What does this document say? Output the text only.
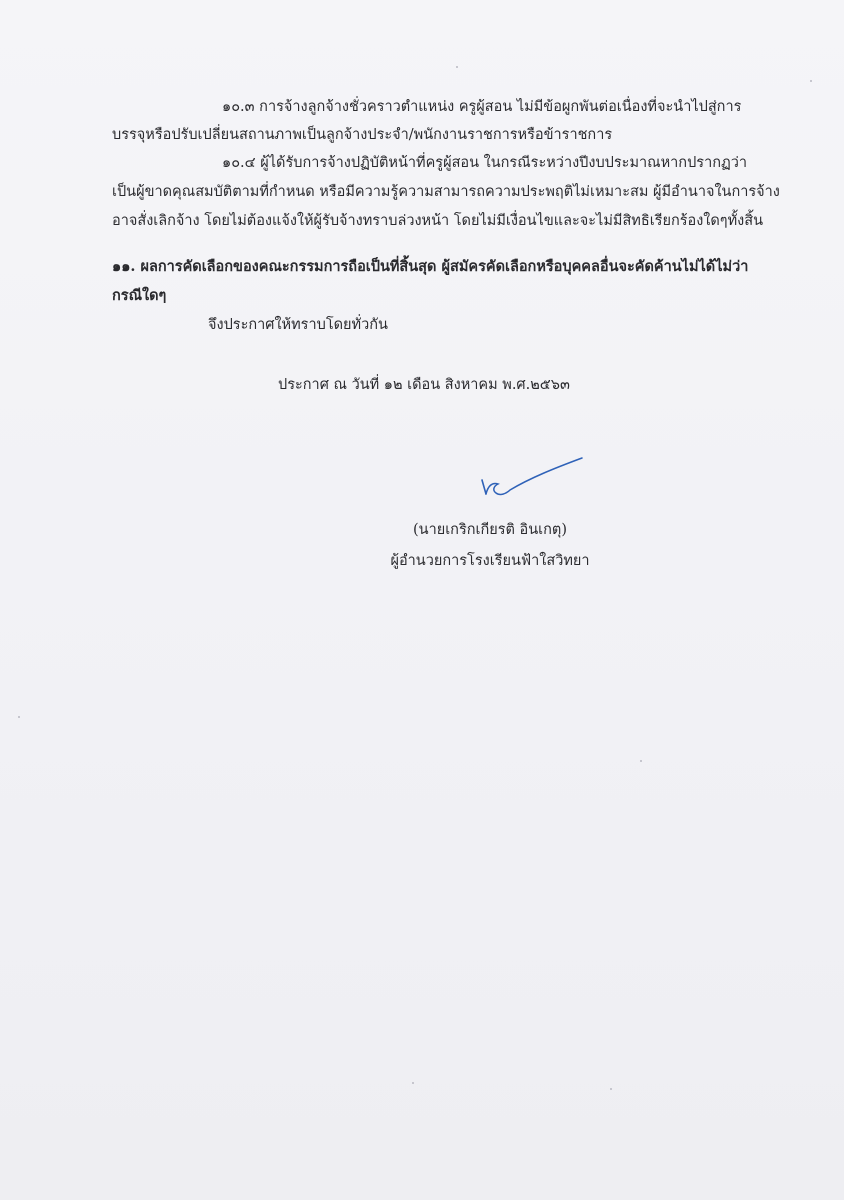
๑๐.๓ การจ้างลูกจ้างชั่วคราวตำแหน่ง ครูผู้สอน ไม่มีข้อผูกพันต่อเนื่องที่จะนำไปสู่การ
บรรจุหรือปรับเปลี่ยนสถานภาพเป็นลูกจ้างประจำ/พนักงานราชการหรือข้าราชการ
๑๐.๔ ผู้ได้รับการจ้างปฏิบัติหน้าที่ครูผู้สอน ในกรณีระหว่างปีงบประมาณหากปรากฏว่า
เป็นผู้ขาดคุณสมบัติตามที่กำหนด หรือมีความรู้ความสามารถความประพฤติไม่เหมาะสม ผู้มีอำนาจในการจ้าง
อาจสั่งเลิกจ้าง โดยไม่ต้องแจ้งให้ผู้รับจ้างทราบล่วงหน้า โดยไม่มีเงื่อนไขและจะไม่มีสิทธิเรียกร้องใดๆทั้งสิ้น
๑๑. ผลการคัดเลือกของคณะกรรมการถือเป็นที่สิ้นสุด ผู้สมัครคัดเลือกหรือบุคคลอื่นจะคัดค้านไม่ได้ไม่ว่า
กรณีใดๆ
จึงประกาศให้ทราบโดยทั่วกัน
ประกาศ ณ วันที่ ๑๒ เดือน สิงหาคม พ.ศ.๒๕๖๓
(นายเกริกเกียรติ อินเกตุ)
ผู้อำนวยการโรงเรียนฟ้าใสวิทยา
